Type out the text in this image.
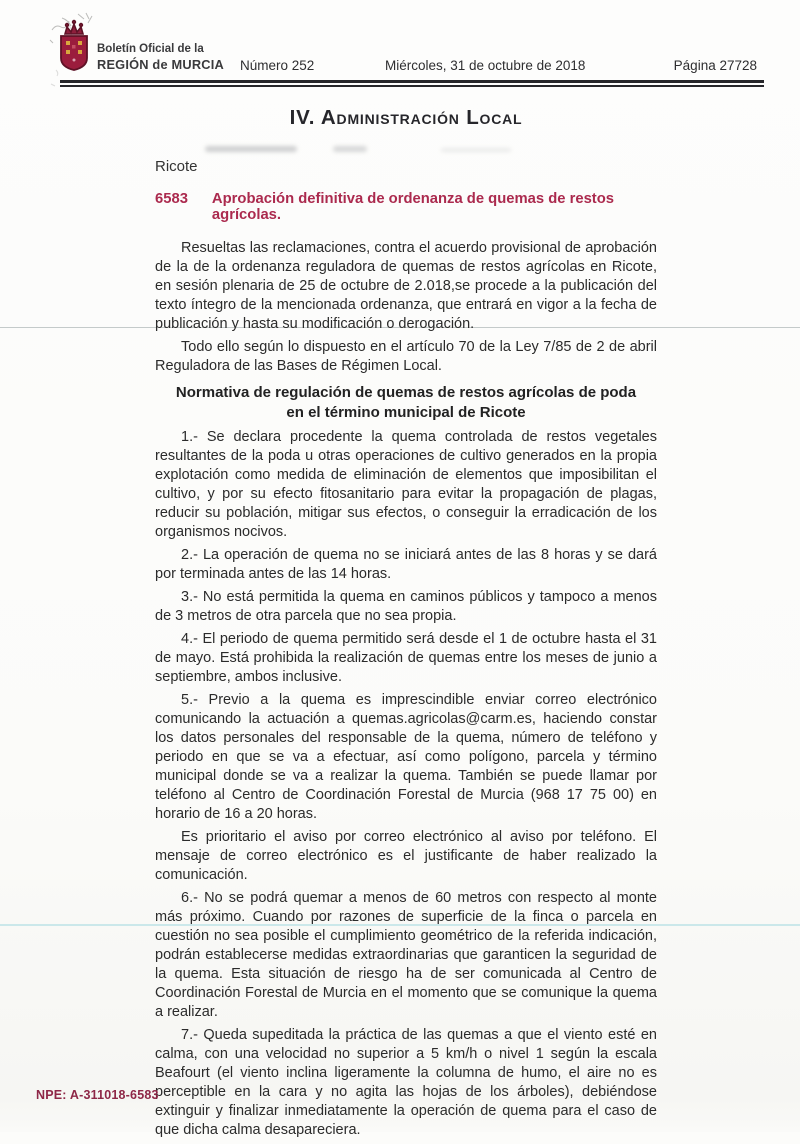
Boletín Oficial de la
REGIÓN de MURCIA Número 252	Miércoles, 31 de octubre de 2018	Página 27728
IV. Administración Local
Ricote
6583 Aprobación definitiva de ordenanza de quemas de restos agrícolas.

Resueltas las reclamaciones, contra el acuerdo provisional de aprobación de la de la ordenanza reguladora de quemas de restos agrícolas en Ricote, en sesión plenaria de 25 de octubre de 2.018,se procede a la publicación del texto íntegro de la mencionada ordenanza, que entrará en vigor a la fecha de publicación y hasta su modificación o derogación.

Todo ello según lo dispuesto en el artículo 70 de la Ley 7/85 de 2 de abril Reguladora de las Bases de Régimen Local.

Normativa de regulación de quemas de restos agrícolas de poda en el término municipal de Ricote

1.- Se declara procedente la quema controlada de restos vegetales resultantes de la poda u otras operaciones de cultivo generados en la propia explotación como medida de eliminación de elementos que imposibilitan el cultivo, y por su efecto fitosanitario para evitar la propagación de plagas, reducir su población, mitigar sus efectos, o conseguir la erradicación de los organismos nocivos.

2.- La operación de quema no se iniciará antes de las 8 horas y se dará por terminada antes de las 14 horas.

3.- No está permitida la quema en caminos públicos y tampoco a menos de 3 metros de otra parcela que no sea propia.

4.- El periodo de quema permitido será desde el 1 de octubre hasta el 31 de mayo. Está prohibida la realización de quemas entre los meses de junio a septiembre, ambos inclusive.

5.- Previo a la quema es imprescindible enviar correo electrónico comunicando la actuación a quemas.agricolas@carm.es, haciendo constar los datos personales del responsable de la quema, número de teléfono y periodo en que se va a efectuar, así como polígono, parcela y término municipal donde se va a realizar la quema. También se puede llamar por teléfono al Centro de Coordinación Forestal de Murcia (968 17 75 00) en horario de 16 a 20 horas.

Es prioritario el aviso por correo electrónico al aviso por teléfono. El mensaje de correo electrónico es el justificante de haber realizado la comunicación.

6.- No se podrá quemar a menos de 60 metros con respecto al monte más próximo. Cuando por razones de superficie de la finca o parcela en cuestión no sea posible el cumplimiento geométrico de la referida indicación, podrán establecerse medidas extraordinarias que garanticen la seguridad de la quema. Esta situación de riesgo ha de ser comunicada al Centro de Coordinación Forestal de Murcia en el momento que se comunique la quema a realizar.

7.- Queda supeditada la práctica de las quemas a que el viento esté en calma, con una velocidad no superior a 5 km/h o nivel 1 según la escala Beafourt (el viento inclina ligeramente la columna de humo, el aire no es perceptible en la cara y no agita las hojas de los árboles), debiéndose extinguir y finalizar inmediatamente la operación de quema para el caso de que dicha calma desapareciera.

NPE: A-311018-6583
